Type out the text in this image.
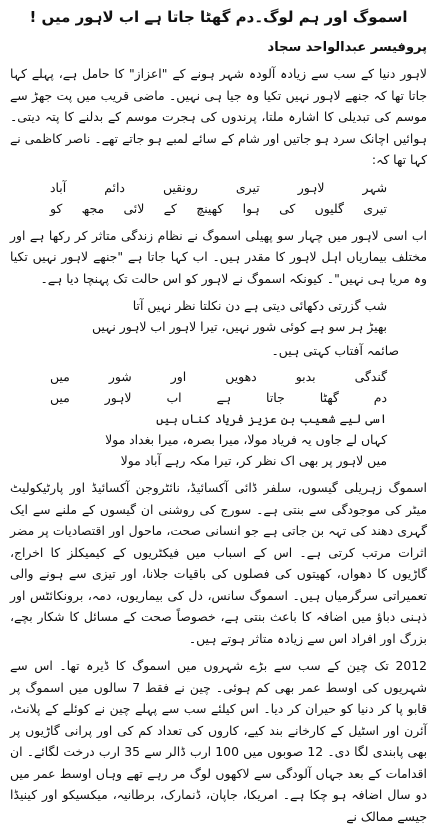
اسموگ اور ہم لوگ۔دم گھٹا جاتا ہے اب لاہور میں !
پروفیسر عبدالواحد سجاد

لاہور دنیا کے سب سے زیادہ آلودہ شہر ہونے کے "اعزاز" کا حامل ہے، پہلے کہا جاتا تھا کہ جنھے لاہور نہیں تکیا وہ جیا ہی نہیں۔ ماضی قریب میں پت جھڑ سے موسم کی تبدیلی کا اشارہ ملتا، پرندوں کی ہجرت موسم کے بدلنے کا پتہ دیتی۔ ہوائیں اچانک سرد ہو جاتیں اور شام کے سائے لمبے ہو جاتے تھے۔ ناصر کاظمی نے کہا تھا کہ:

شہر لاہور تیری رونقیں دائم آباد
تیری گلیوں کی ہوا کھینچ کے لائی مجھ کو

اب اسی لاہور میں چہار سو پھیلی اسموگ نے نظام زندگی متاثر کر رکھا ہے اور مختلف بیماریاں اہل لاہور کا مقدر ہیں۔ اب کہا جاتا ہے "جنھے لاہور نہیں تکیا وہ مریا ہی نہیں"۔ کیونکہ اسموگ نے لاہور کو اس حالت تک پہنچا دیا ہے۔

شب گزرتی دکھائی دیتی ہے دن نکلتا نظر نہیں آتا
بھیڑ ہر سو ہے کوئی شور نہیں، تیرا لاہور اب لاہور نہیں
صائمہ آفتاب کہتی ہیں۔
گندگی بدبو دھویں اور شور میں
دم گھٹا جاتا ہے اب لاہور میں
اسی لیے شعیب بن عزیز فریاد کناں ہیں
کہاں لے جاوں یہ فریاد مولا، میرا بصرہ، میرا بغداد مولا
میں لاہور پر بھی اک نظر کر، تیرا مکہ رہے آباد مولا

اسموگ زہریلی گیسوں، سلفر ڈائی آکسائیڈ، نائٹروجن آکسائیڈ اور پارٹیکولیٹ میٹر کی موجودگی سے بنتی ہے۔ سورج کی روشنی ان گیسوں کے ملنے سے ایک گہری دھند کی تہہ بن جاتی ہے جو انسانی صحت، ماحول اور اقتصادیات پر مضر اثرات مرتب کرتی ہے۔ اس کے اسباب میں فیکٹریوں کے کیمیکلز کا اخراج، گاڑیوں کا دھواں، کھیتوں کی فصلوں کی باقیات جلانا، اور تیزی سے ہونے والی تعمیراتی سرگرمیاں ہیں۔ اسموگ سانس، دل کی بیماریوں، دمہ، برونکائٹس اور ذہنی دباؤ میں اضافہ کا باعث بنتی ہے، خصوصاً صحت کے مسائل کا شکار بچے، بزرگ اور افراد اس سے زیادہ متاثر ہوتے ہیں۔

2012 تک چین کے سب سے بڑے شہروں میں اسموگ کا ڈیرہ تھا۔ اس سے شہریوں کی اوسط عمر بھی کم ہوئی۔ چین نے فقط 7 سالوں میں اسموگ پر قابو پا کر دنیا کو حیران کر دیا۔ اس کیلئے سب سے پہلے چین نے کوئلے کے پلانٹ، آئرن اور اسٹیل کے کارخانے بند کیے، کاروں کی تعداد کم کی اور پرانی گاڑیوں پر بھی پابندی لگا دی۔ 12 صوبوں میں 100 ارب ڈالر سے 35 ارب درخت لگائے۔ ان اقدامات کے بعد جہاں آلودگی سے لاکھوں لوگ مر رہے تھے وہاں اوسط عمر میں دو سال اضافہ ہو چکا ہے۔ امریکا، جاپان، ڈنمارک، برطانیہ، میکسیکو اور کینیڈا جیسے ممالک نے
